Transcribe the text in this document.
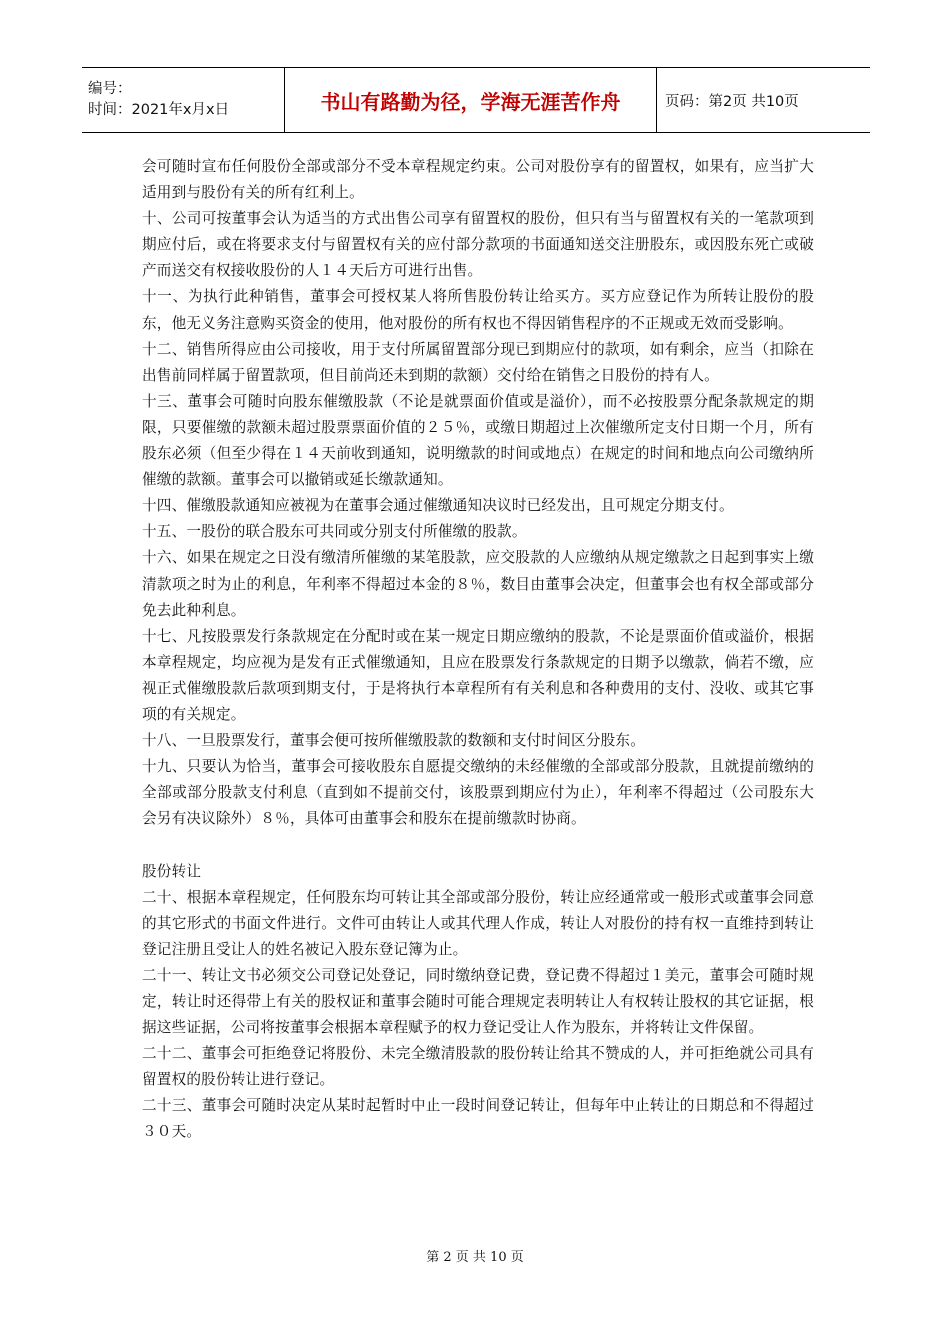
编号：
时间：2021年x月x日	书山有路勤为径，学海无涯苦作舟	页码：第2页 共10页

会可随时宣布任何股份全部或部分不受本章程规定约束。公司对股份享有的留置权，如果有，应当扩大适用到与股份有关的所有红利上。

十、公司可按董事会认为适当的方式出售公司享有留置权的股份，但只有当与留置权有关的一笔款项到期应付后，或在将要求支付与留置权有关的应付部分款项的书面通知送交注册股东，或因股东死亡或破产而送交有权接收股份的人１４天后方可进行出售。

十一、为执行此种销售，董事会可授权某人将所售股份转让给买方。买方应登记作为所转让股份的股东，他无义务注意购买资金的使用，他对股份的所有权也不得因销售程序的不正规或无效而受影响。

十二、销售所得应由公司接收，用于支付所属留置部分现已到期应付的款项，如有剩余，应当（扣除在出售前同样属于留置款项，但目前尚还未到期的款额）交付给在销售之日股份的持有人。

十三、董事会可随时向股东催缴股款（不论是就票面价值或是溢价），而不必按股票分配条款规定的期限，只要催缴的款额未超过股票票面价值的２５％，或缴日期超过上次催缴所定支付日期一个月，所有股东必须（但至少得在１４天前收到通知，说明缴款的时间或地点）在规定的时间和地点向公司缴纳所催缴的款额。董事会可以撤销或延长缴款通知。

十四、催缴股款通知应被视为在董事会通过催缴通知决议时已经发出，且可规定分期支付。

十五、一股份的联合股东可共同或分别支付所催缴的股款。

十六、如果在规定之日没有缴清所催缴的某笔股款，应交股款的人应缴纳从规定缴款之日起到事实上缴清款项之时为止的利息，年利率不得超过本金的８％，数目由董事会决定，但董事会也有权全部或部分免去此种利息。

十七、凡按股票发行条款规定在分配时或在某一规定日期应缴纳的股款，不论是票面价值或溢价，根据本章程规定，均应视为是发有正式催缴通知，且应在股票发行条款规定的日期予以缴款，倘若不缴，应视正式催缴股款后款项到期支付，于是将执行本章程所有有关利息和各种费用的支付、没收、或其它事项的有关规定。

十八、一旦股票发行，董事会便可按所催缴股款的数额和支付时间区分股东。

十九、只要认为恰当，董事会可接收股东自愿提交缴纳的未经催缴的全部或部分股款，且就提前缴纳的全部或部分股款支付利息（直到如不提前交付，该股票到期应付为止），年利率不得超过（公司股东大会另有决议除外）８％，具体可由董事会和股东在提前缴款时协商。

股份转让

二十、根据本章程规定，任何股东均可转让其全部或部分股份，转让应经通常或一般形式或董事会同意的其它形式的书面文件进行。文件可由转让人或其代理人作成，转让人对股份的持有权一直维持到转让登记注册且受让人的姓名被记入股东登记簿为止。

二十一、转让文书必须交公司登记处登记，同时缴纳登记费，登记费不得超过１美元，董事会可随时规定，转让时还得带上有关的股权证和董事会随时可能合理规定表明转让人有权转让股权的其它证据，根据这些证据，公司将按董事会根据本章程赋予的权力登记受让人作为股东，并将转让文件保留。

二十二、董事会可拒绝登记将股份、未完全缴清股款的股份转让给其不赞成的人，并可拒绝就公司具有留置权的股份转让进行登记。

二十三、董事会可随时决定从某时起暂时中止一段时间登记转让，但每年中止转让的日期总和不得超过３０天。

第 2 页 共 10 页
